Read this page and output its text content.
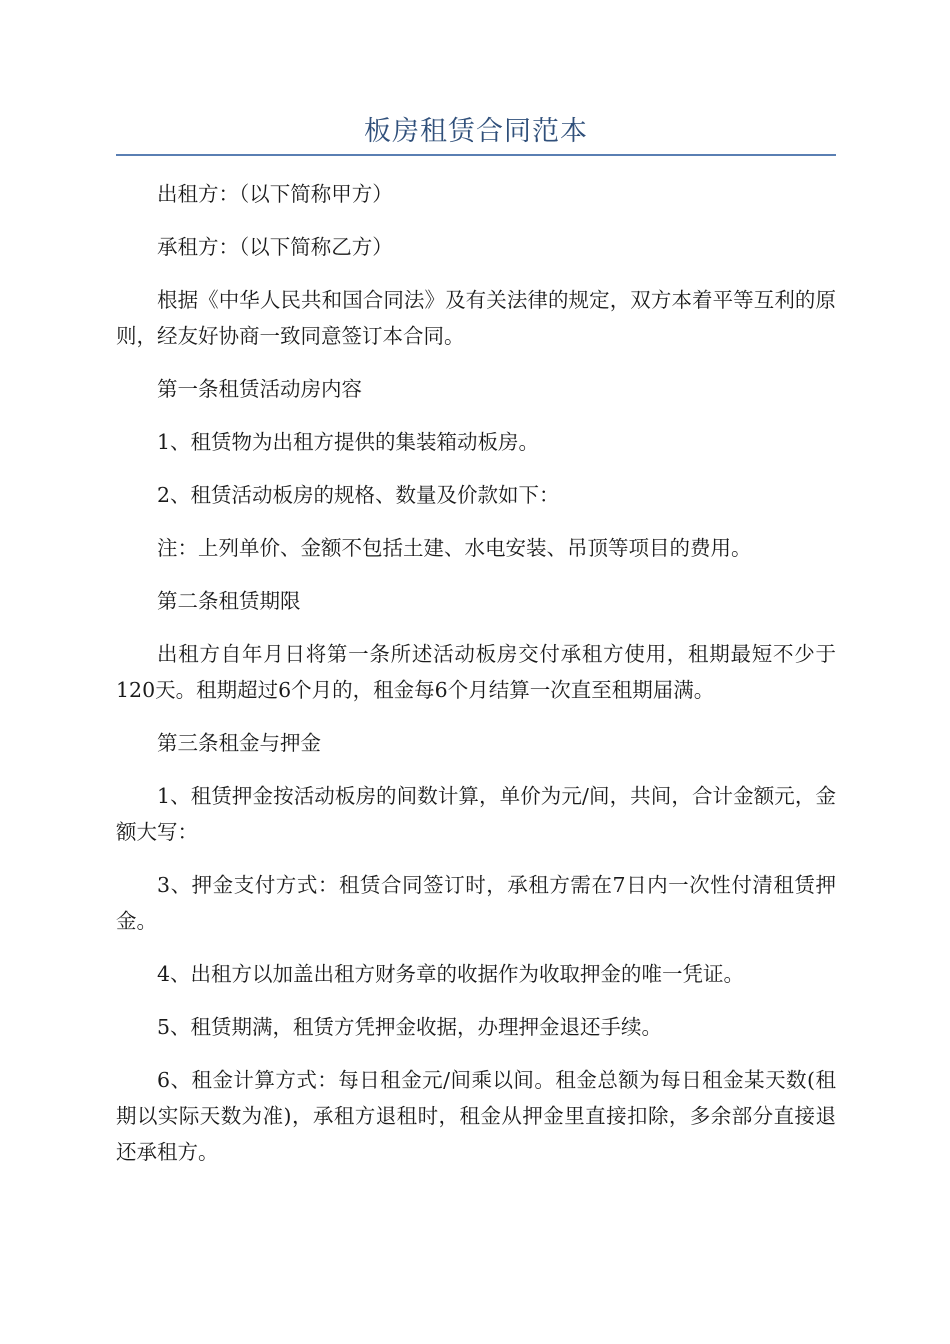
板房租赁合同范本

出租方：（以下简称甲方）

承租方：（以下简称乙方）

根据《中华人民共和国合同法》及有关法律的规定，双方本着平等互利的原则，经友好协商一致同意签订本合同。

第一条租赁活动房内容

1、租赁物为出租方提供的集装箱动板房。

2、租赁活动板房的规格、数量及价款如下：

注：上列单价、金额不包括土建、水电安装、吊顶等项目的费用。

第二条租赁期限

出租方自年月日将第一条所述活动板房交付承租方使用，租期最短不少于120天。租期超过6个月的，租金每6个月结算一次直至租期届满。

第三条租金与押金

1、租赁押金按活动板房的间数计算，单价为元/间，共间，合计金额元，金额大写：

3、押金支付方式：租赁合同签订时，承租方需在7日内一次性付清租赁押金。

4、出租方以加盖出租方财务章的收据作为收取押金的唯一凭证。

5、租赁期满，租赁方凭押金收据，办理押金退还手续。

6、租金计算方式：每日租金元/间乘以间。租金总额为每日租金某天数(租期以实际天数为准)，承租方退租时，租金从押金里直接扣除，多余部分直接退还承租方。
